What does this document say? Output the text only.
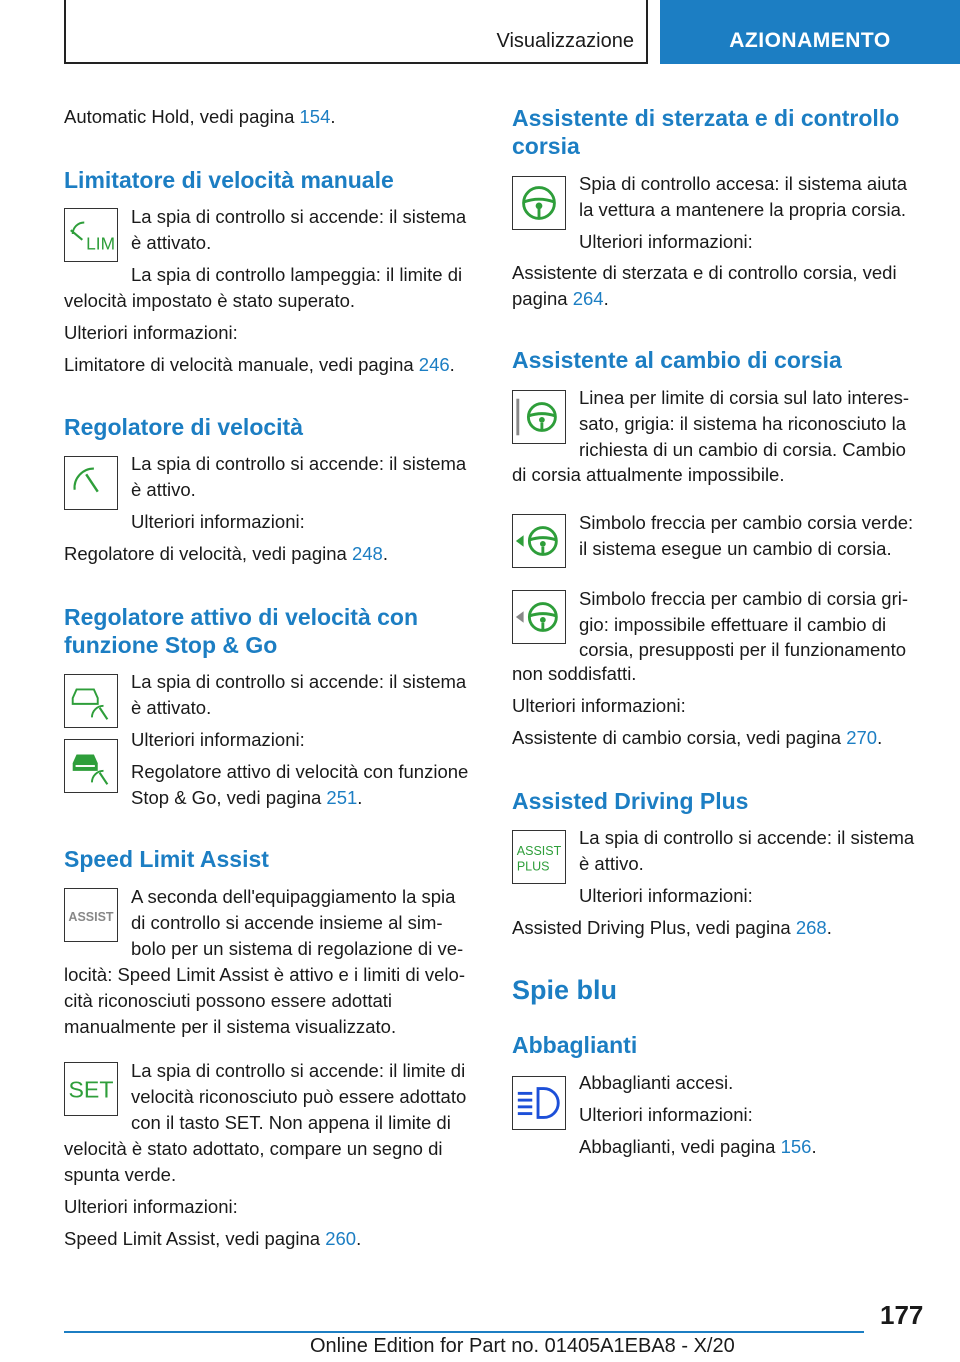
Visualizzazione	AZIONAMENTO
Automatic Hold, vedi pagina 154.
Limitatore di velocità manuale
LIM
La spia di controllo si accende: il sistema
è attivato.
La spia di controllo lampeggia: il limite di
velocità impostato è stato superato.
Ulteriori informazioni:
Limitatore di velocità manuale, vedi pagina 246.
Regolatore di velocità
La spia di controllo si accende: il sistema
è attivo.
Ulteriori informazioni:
Regolatore di velocità, vedi pagina 248.
Regolatore attivo di velocità con
funzione Stop & Go
La spia di controllo si accende: il sistema
è attivato.
Ulteriori informazioni:
Regolatore attivo di velocità con funzione
Stop & Go, vedi pagina 251.
Speed Limit Assist
ASSIST
A seconda dell'equipaggiamento la spia
di controllo si accende insieme al sim-
bolo per un sistema di regolazione di ve-
locità: Speed Limit Assist è attivo e i limiti di velo-
cità riconosciuti possono essere adottati
manualmente per il sistema visualizzato.
SET
La spia di controllo si accende: il limite di
velocità riconosciuto può essere adottato
con il tasto SET. Non appena il limite di
velocità è stato adottato, compare un segno di
spunta verde.
Ulteriori informazioni:
Speed Limit Assist, vedi pagina 260.
Assistente di sterzata e di controllo
corsia
Spia di controllo accesa: il sistema aiuta
la vettura a mantenere la propria corsia.
Ulteriori informazioni:
Assistente di sterzata e di controllo corsia, vedi
pagina 264.
Assistente al cambio di corsia
Linea per limite di corsia sul lato interes-
sato, grigia: il sistema ha riconosciuto la
richiesta di un cambio di corsia. Cambio
di corsia attualmente impossibile.
Simbolo freccia per cambio corsia verde:
il sistema esegue un cambio di corsia.
Simbolo freccia per cambio di corsia gri-
gio: impossibile effettuare il cambio di
corsia, presupposti per il funzionamento
non soddisfatti.
Ulteriori informazioni:
Assistente di cambio corsia, vedi pagina 270.
Assisted Driving Plus
ASSIST
PLUS
La spia di controllo si accende: il sistema
è attivo.
Ulteriori informazioni:
Assisted Driving Plus, vedi pagina 268.
Spie blu
Abbaglianti
Abbaglianti accesi.
Ulteriori informazioni:
Abbaglianti, vedi pagina 156.
177
Online Edition for Part no. 01405A1EBA8 - X/20
